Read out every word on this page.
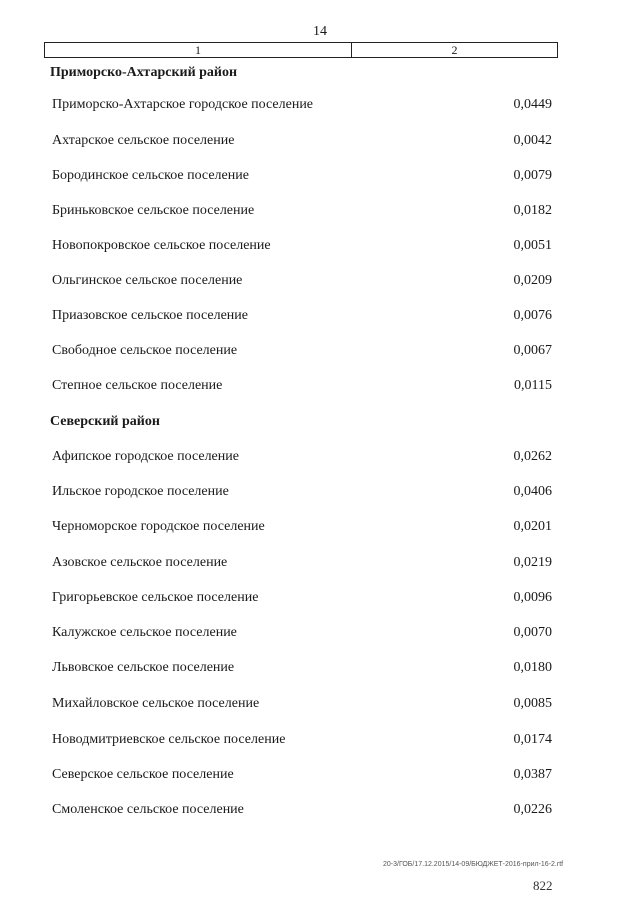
14
1	2
Приморско-Ахтарский район
Приморско-Ахтарское городское поселение	0,0449
Ахтарское сельское поселение	0,0042
Бородинское сельское поселение	0,0079
Бриньковское сельское поселение	0,0182
Новопокровское сельское поселение	0,0051
Ольгинское сельское поселение	0,0209
Приазовское сельское поселение	0,0076
Свободное сельское поселение	0,0067
Степное сельское поселение	0,0115
Северский район
Афипское городское поселение	0,0262
Ильское городское поселение	0,0406
Черноморское городское поселение	0,0201
Азовское сельское поселение	0,0219
Григорьевское сельское поселение	0,0096
Калужское сельское поселение	0,0070
Львовское сельское поселение	0,0180
Михайловское сельское поселение	0,0085
Новодмитриевское сельское поселение	0,0174
Северское сельское поселение	0,0387
Смоленское сельское поселение	0,0226
20-3/ГОБ/17.12.2015/14-09/БЮДЖЕТ-2016-прил-16-2.rtf
822
